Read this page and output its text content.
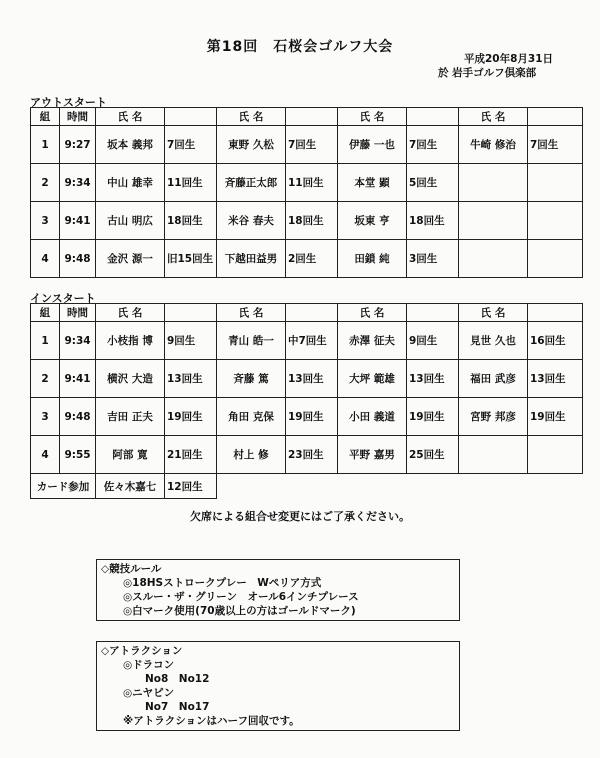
第18回　石桜会ゴルフ大会
平成20年8月31日
於 岩手ゴルフ倶楽部
アウトスタート
組	時間	氏 名		氏 名		氏 名		氏 名	
1	9:27	坂本 義邦	7回生	東野 久松	7回生	伊藤 一也	7回生	牛崎 修治	7回生
2	9:34	中山 雄幸	11回生	斉藤正太郎	11回生	本堂 顕	5回生		
3	9:41	古山 明広	18回生	米谷 春夫	18回生	坂東 亨	18回生		
4	9:48	金沢 源一	旧15回生	下越田益男	2回生	田鎖 純	3回生		
インスタート
組	時間	氏 名		氏 名		氏 名		氏 名	
1	9:34	小枝指 博	9回生	青山 皓一	中7回生	赤澤 征夫	9回生	見世 久也	16回生
2	9:41	横沢 大造	13回生	斉藤 篤	13回生	大坪 範雄	13回生	福田 武彦	13回生
3	9:48	吉田 正夫	19回生	角田 克保	19回生	小田 義道	19回生	宮野 邦彦	19回生
4	9:55	阿部 寛	21回生	村上 修	23回生	平野 嘉男	25回生		
カード参加		佐々木嘉七	12回生						
欠席による組合せ変更にはご了承ください。
◇競技ルール
◎18HSストロークプレー　Wペリア方式
◎スルー・ザ・グリーン　オール6インチプレース
◎白マーク使用(70歳以上の方はゴールドマーク)
◇アトラクション
◎ドラコン
No8　No12
◎ニヤピン
No7　No17
※アトラクションはハーフ回収です。
